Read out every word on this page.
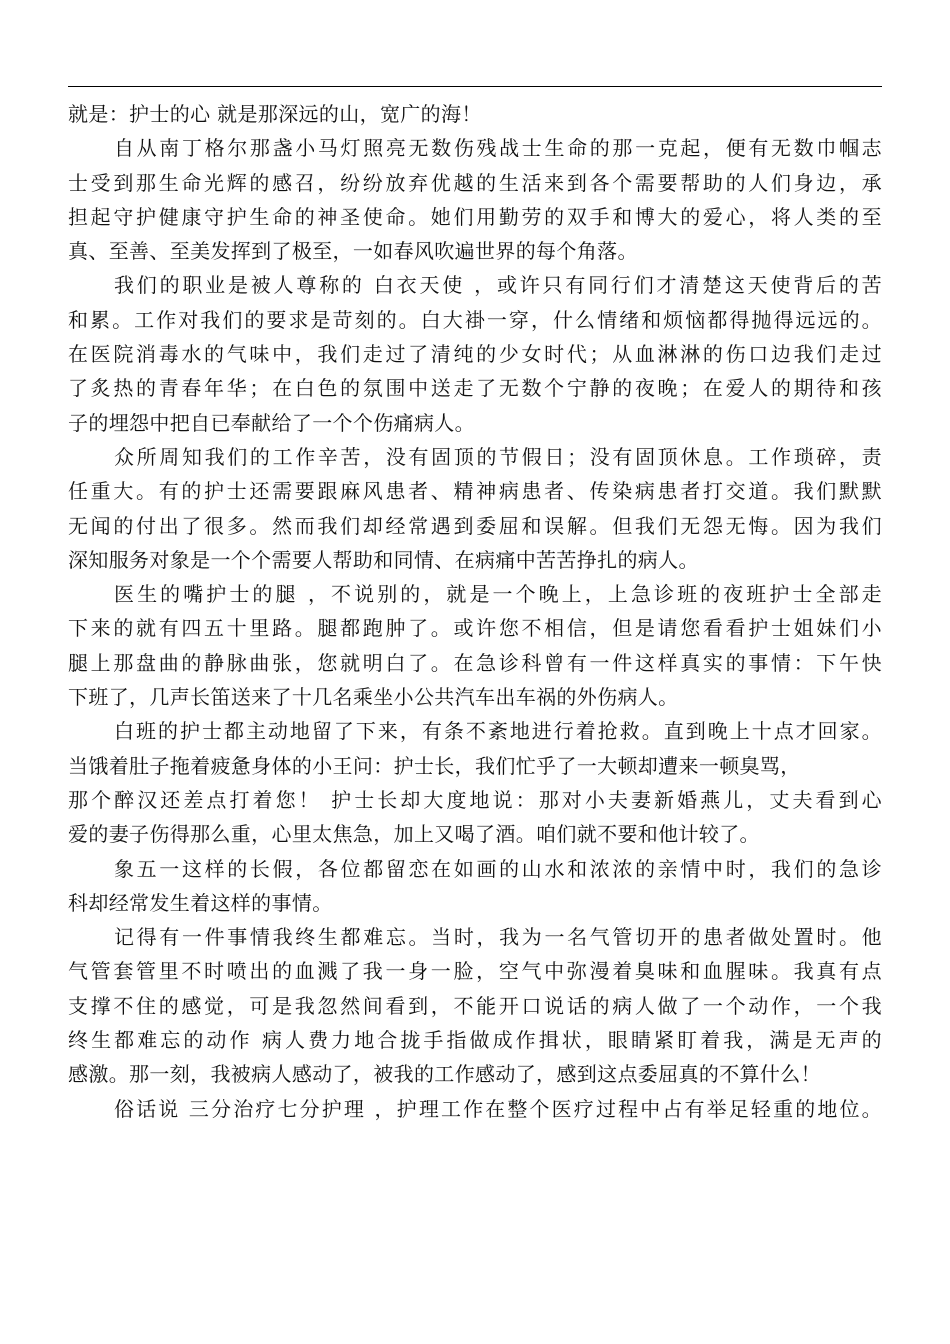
就是：护士的心 就是那深远的山，宽广的海！
自从南丁格尔那盏小马灯照亮无数伤残战士生命的那一克起，便有无数巾帼志
士受到那生命光辉的感召，纷纷放弃优越的生活来到各个需要帮助的人们身边，承
担起守护健康守护生命的神圣使命。她们用勤劳的双手和博大的爱心，将人类的至
真、至善、至美发挥到了极至，一如春风吹遍世界的每个角落。
我们的职业是被人尊称的 白衣天使 ，或许只有同行们才清楚这天使背后的苦
和累。工作对我们的要求是苛刻的。白大褂一穿，什么情绪和烦恼都得抛得远远的。
在医院消毒水的气味中，我们走过了清纯的少女时代；从血淋淋的伤口边我们走过
了炙热的青春年华；在白色的氛围中送走了无数个宁静的夜晚；在爱人的期待和孩
子的埋怨中把自已奉献给了一个个伤痛病人。
众所周知我们的工作辛苦，没有固顶的节假日；没有固顶休息。工作琐碎，责
任重大。有的护士还需要跟麻风患者、精神病患者、传染病患者打交道。我们默默
无闻的付出了很多。然而我们却经常遇到委屈和误解。但我们无怨无悔。因为我们
深知服务对象是一个个需要人帮助和同情、在病痛中苦苦挣扎的病人。
医生的嘴护士的腿 ，不说别的，就是一个晚上，上急诊班的夜班护士全部走
下来的就有四五十里路。腿都跑肿了。或许您不相信，但是请您看看护士姐妹们小
腿上那盘曲的静脉曲张，您就明白了。在急诊科曾有一件这样真实的事情：下午快
下班了，几声长笛送来了十几名乘坐小公共汽车出车祸的外伤病人。
白班的护士都主动地留了下来，有条不紊地进行着抢救。直到晚上十点才回家。
当饿着肚子拖着疲惫身体的小王问：护士长，我们忙乎了一大顿却遭来一顿臭骂，
那个醉汉还差点打着您！ 护士长却大度地说：那对小夫妻新婚燕儿，丈夫看到心
爱的妻子伤得那么重，心里太焦急，加上又喝了酒。咱们就不要和他计较了。
象五一这样的长假，各位都留恋在如画的山水和浓浓的亲情中时，我们的急诊
科却经常发生着这样的事情。
记得有一件事情我终生都难忘。当时，我为一名气管切开的患者做处置时。他
气管套管里不时喷出的血溅了我一身一脸，空气中弥漫着臭味和血腥味。我真有点
支撑不住的感觉，可是我忽然间看到，不能开口说话的病人做了一个动作，一个我
终生都难忘的动作 病人费力地合拢手指做成作揖状，眼睛紧盯着我，满是无声的
感激。那一刻，我被病人感动了，被我的工作感动了，感到这点委屈真的不算什么！
俗话说 三分治疗七分护理 ，护理工作在整个医疗过程中占有举足轻重的地位。
